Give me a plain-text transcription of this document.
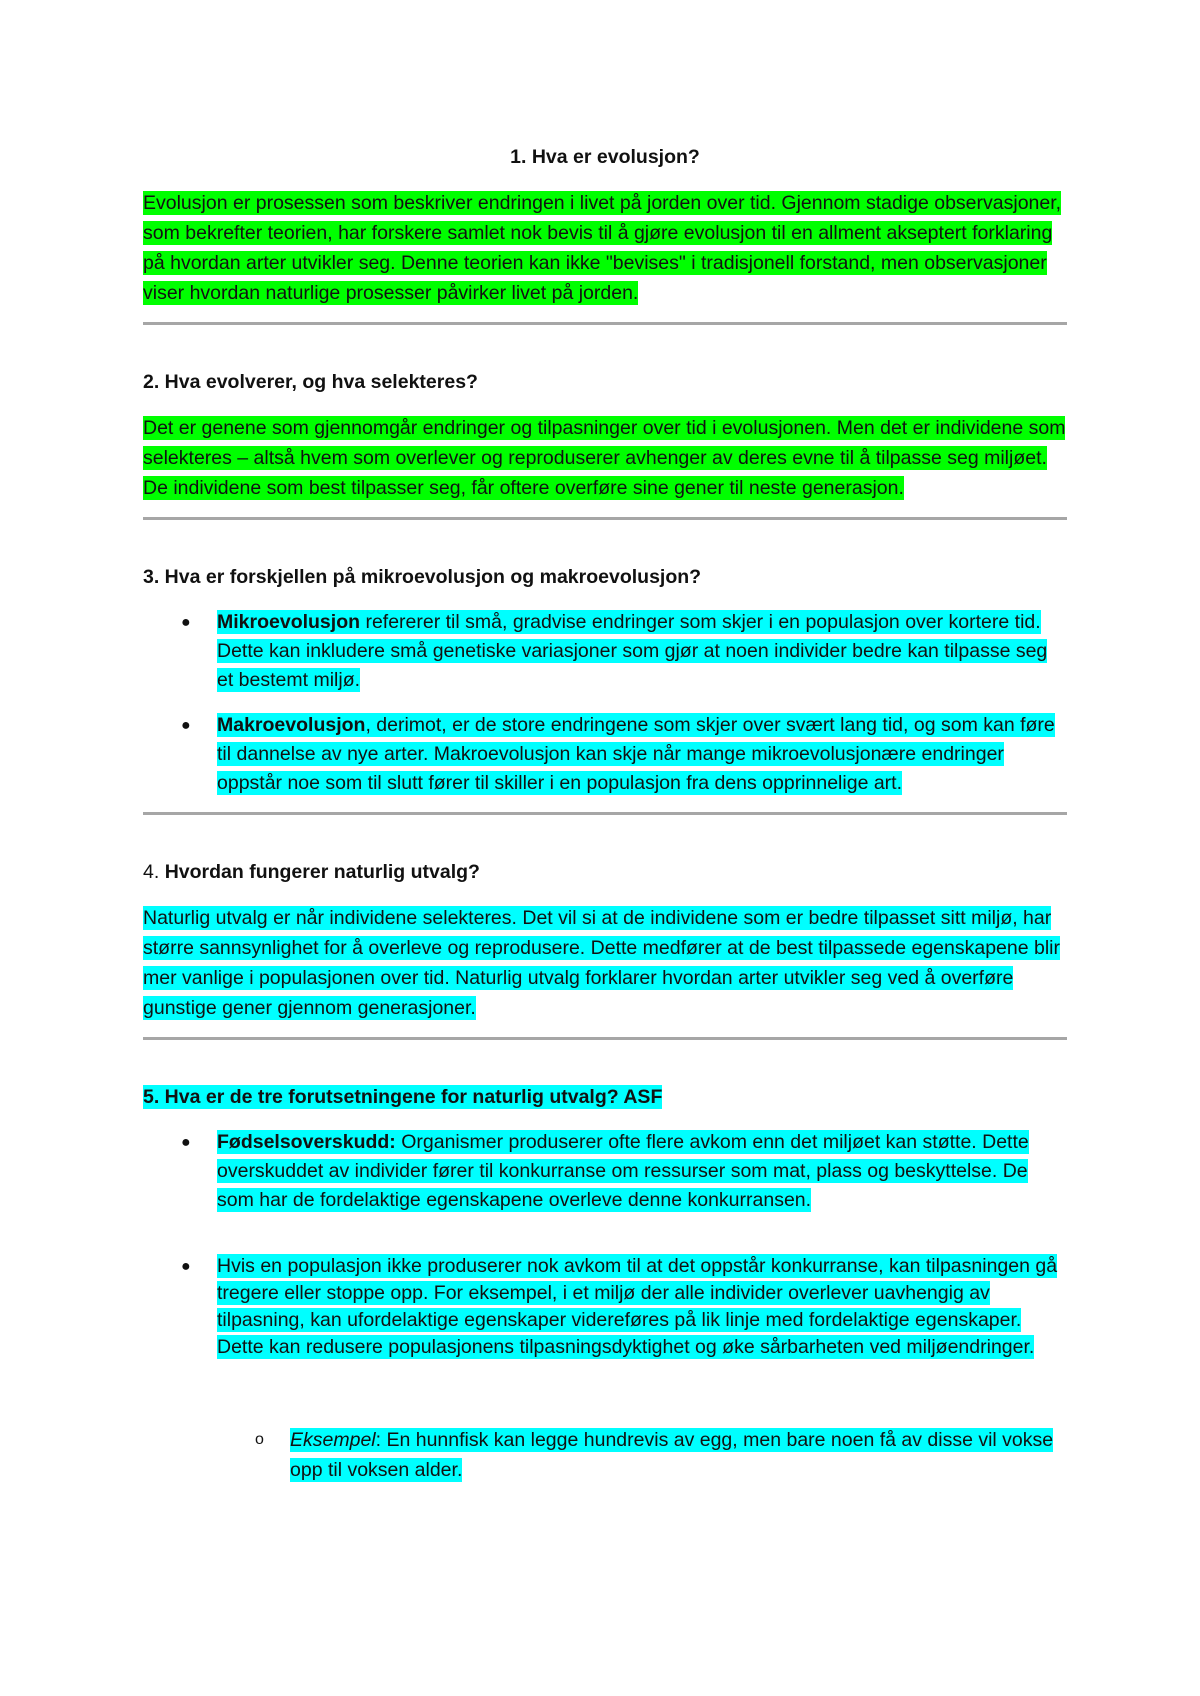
1. Hva er evolusjon?

Evolusjon er prosessen som beskriver endringen i livet på jorden over tid. Gjennom stadige observasjoner, som bekrefter teorien, har forskere samlet nok bevis til å gjøre evolusjon til en allment akseptert forklaring på hvordan arter utvikler seg. Denne teorien kan ikke "bevises" i tradisjonell forstand, men observasjoner viser hvordan naturlige prosesser påvirker livet på jorden.

2. Hva evolverer, og hva selekteres?

Det er genene som gjennomgår endringer og tilpasninger over tid i evolusjonen. Men det er individene som selekteres – altså hvem som overlever og reproduserer avhenger av deres evne til å tilpasse seg miljøet. De individene som best tilpasser seg, får oftere overføre sine gener til neste generasjon.

3. Hva er forskjellen på mikroevolusjon og makroevolusjon?
● Mikroevolusjon refererer til små, gradvise endringer som skjer i en populasjon over kortere tid. Dette kan inkludere små genetiske variasjoner som gjør at noen individer bedre kan tilpasse seg et bestemt miljø.
● Makroevolusjon, derimot, er de store endringene som skjer over svært lang tid, og som kan føre til dannelse av nye arter. Makroevolusjon kan skje når mange mikroevolusjonære endringer oppstår noe som til slutt fører til skiller i en populasjon fra dens opprinnelige art.
4. Hvordan fungerer naturlig utvalg?

Naturlig utvalg er når individene selekteres. Det vil si at de individene som er bedre tilpasset sitt miljø, har større sannsynlighet for å overleve og reprodusere. Dette medfører at de best tilpassede egenskapene blir mer vanlige i populasjonen over tid. Naturlig utvalg forklarer hvordan arter utvikler seg ved å overføre gunstige gener gjennom generasjoner.

5. Hva er de tre forutsetningene for naturlig utvalg? ASF
● Fødselsoverskudd: Organismer produserer ofte flere avkom enn det miljøet kan støtte. Dette overskuddet av individer fører til konkurranse om ressurser som mat, plass og beskyttelse. De som har de fordelaktige egenskapene overleve denne konkurransen.
● Hvis en populasjon ikke produserer nok avkom til at det oppstår konkurranse, kan tilpasningen gå tregere eller stoppe opp. For eksempel, i et miljø der alle individer overlever uavhengig av tilpasning, kan ufordelaktige egenskaper videreføres på lik linje med fordelaktige egenskaper. Dette kan redusere populasjonens tilpasningsdyktighet og øke sårbarheten ved miljøendringer.
o Eksempel: En hunnfisk kan legge hundrevis av egg, men bare noen få av disse vil vokse opp til voksen alder.
